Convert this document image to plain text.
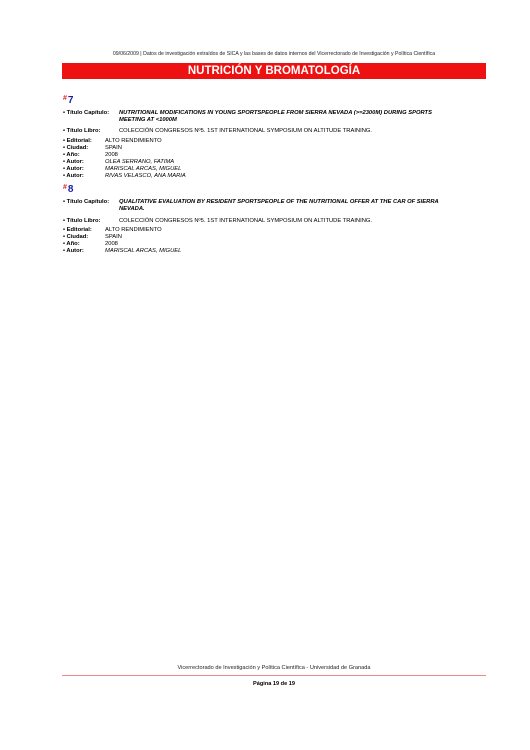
09/06/2009 | Datos de investigación extraídos de SICA y las bases de datos internos del Vicerrectorado de Investigación y Política Científica
NUTRICIÓN Y BROMATOLOGÍA
#7
• Título Capítulo: NUTRITIONAL MODIFICATIONS IN YOUNG SPORTSPEOPLE FROM SIERRA NEVADA (>=2300M) DURING SPORTS MEETING AT <1000M
• Título Libro:	COLECCIÓN CONGRESOS Nº5. 1ST INTERNATIONAL SYMPOSIUM ON ALTITUDE TRAINING.
• Editorial: ALTO RENDIMIENTO
• Ciudad:	SPAIN
• Año:	2008
• Autor:	OLEA SERRANO, FATIMA
• Autor:	MARISCAL ARCAS, MIGUEL
• Autor:	RIVAS VELASCO, ANA MARIA
#8
• Título Capítulo: QUALITATIVE EVALUATION BY RESIDENT SPORTSPEOPLE OF THE NUTRITIONAL OFFER AT THE CAR OF SIERRA NEVADA.
• Título Libro:	COLECCIÓN CONGRESOS Nº5. 1ST INTERNATIONAL SYMPOSIUM ON ALTITUDE TRAINING.
• Editorial: ALTO RENDIMIENTO
• Ciudad:	SPAIN
• Año:	2008
• Autor:	MARISCAL ARCAS, MIGUEL
Vicerrectorado de Investigación y Política Científica - Universidad de Granada
Página 19 de 19
